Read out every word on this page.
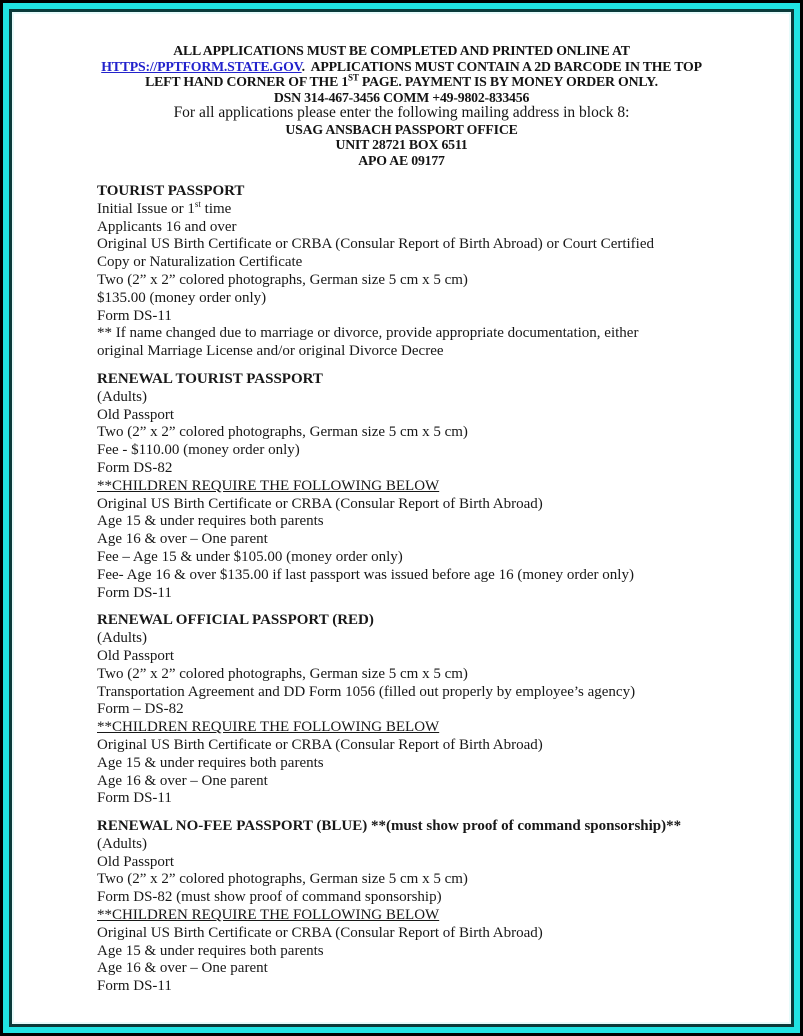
ALL APPLICATIONS MUST BE COMPLETED AND PRINTED ONLINE AT
HTTPS://PPTFORM.STATE.GOV.  APPLICATIONS MUST CONTAIN A 2D BARCODE IN THE TOP
LEFT HAND CORNER OF THE 1ST PAGE. PAYMENT IS BY MONEY ORDER ONLY.
DSN 314-467-3456 COMM +49-9802-833456
For all applications please enter the following mailing address in block 8:
USAG ANSBACH PASSPORT OFFICE
UNIT 28721 BOX 6511
APO AE 09177
TOURIST PASSPORT
Initial Issue or 1st time
Applicants 16 and over
Original US Birth Certificate or CRBA (Consular Report of Birth Abroad) or Court Certified
Copy or Naturalization Certificate
Two (2” x 2” colored photographs, German size 5 cm x 5 cm)
$135.00 (money order only)
Form DS-11
** If name changed due to marriage or divorce, provide appropriate documentation, either
original Marriage License and/or original Divorce Decree
RENEWAL TOURIST PASSPORT
(Adults)
Old Passport
Two (2” x 2” colored photographs, German size 5 cm x 5 cm)
Fee - $110.00 (money order only)
Form DS-82
**CHILDREN REQUIRE THE FOLLOWING BELOW
Original US Birth Certificate or CRBA (Consular Report of Birth Abroad)
Age 15 & under requires both parents
Age 16 & over – One parent
Fee – Age 15 & under $105.00 (money order only)
Fee- Age 16 & over $135.00 if last passport was issued before age 16 (money order only)
Form DS-11
RENEWAL OFFICIAL PASSPORT (RED)
(Adults)
Old Passport
Two (2” x 2” colored photographs, German size 5 cm x 5 cm)
Transportation Agreement and DD Form 1056 (filled out properly by employee’s agency)
Form – DS-82
**CHILDREN REQUIRE THE FOLLOWING BELOW
Original US Birth Certificate or CRBA (Consular Report of Birth Abroad)
Age 15 & under requires both parents
Age 16 & over – One parent
Form DS-11
RENEWAL NO-FEE PASSPORT (BLUE) **(must show proof of command sponsorship)**
(Adults)
Old Passport
Two (2” x 2” colored photographs, German size 5 cm x 5 cm)
Form DS-82 (must show proof of command sponsorship)
**CHILDREN REQUIRE THE FOLLOWING BELOW
Original US Birth Certificate or CRBA (Consular Report of Birth Abroad)
Age 15 & under requires both parents
Age 16 & over – One parent
Form DS-11
